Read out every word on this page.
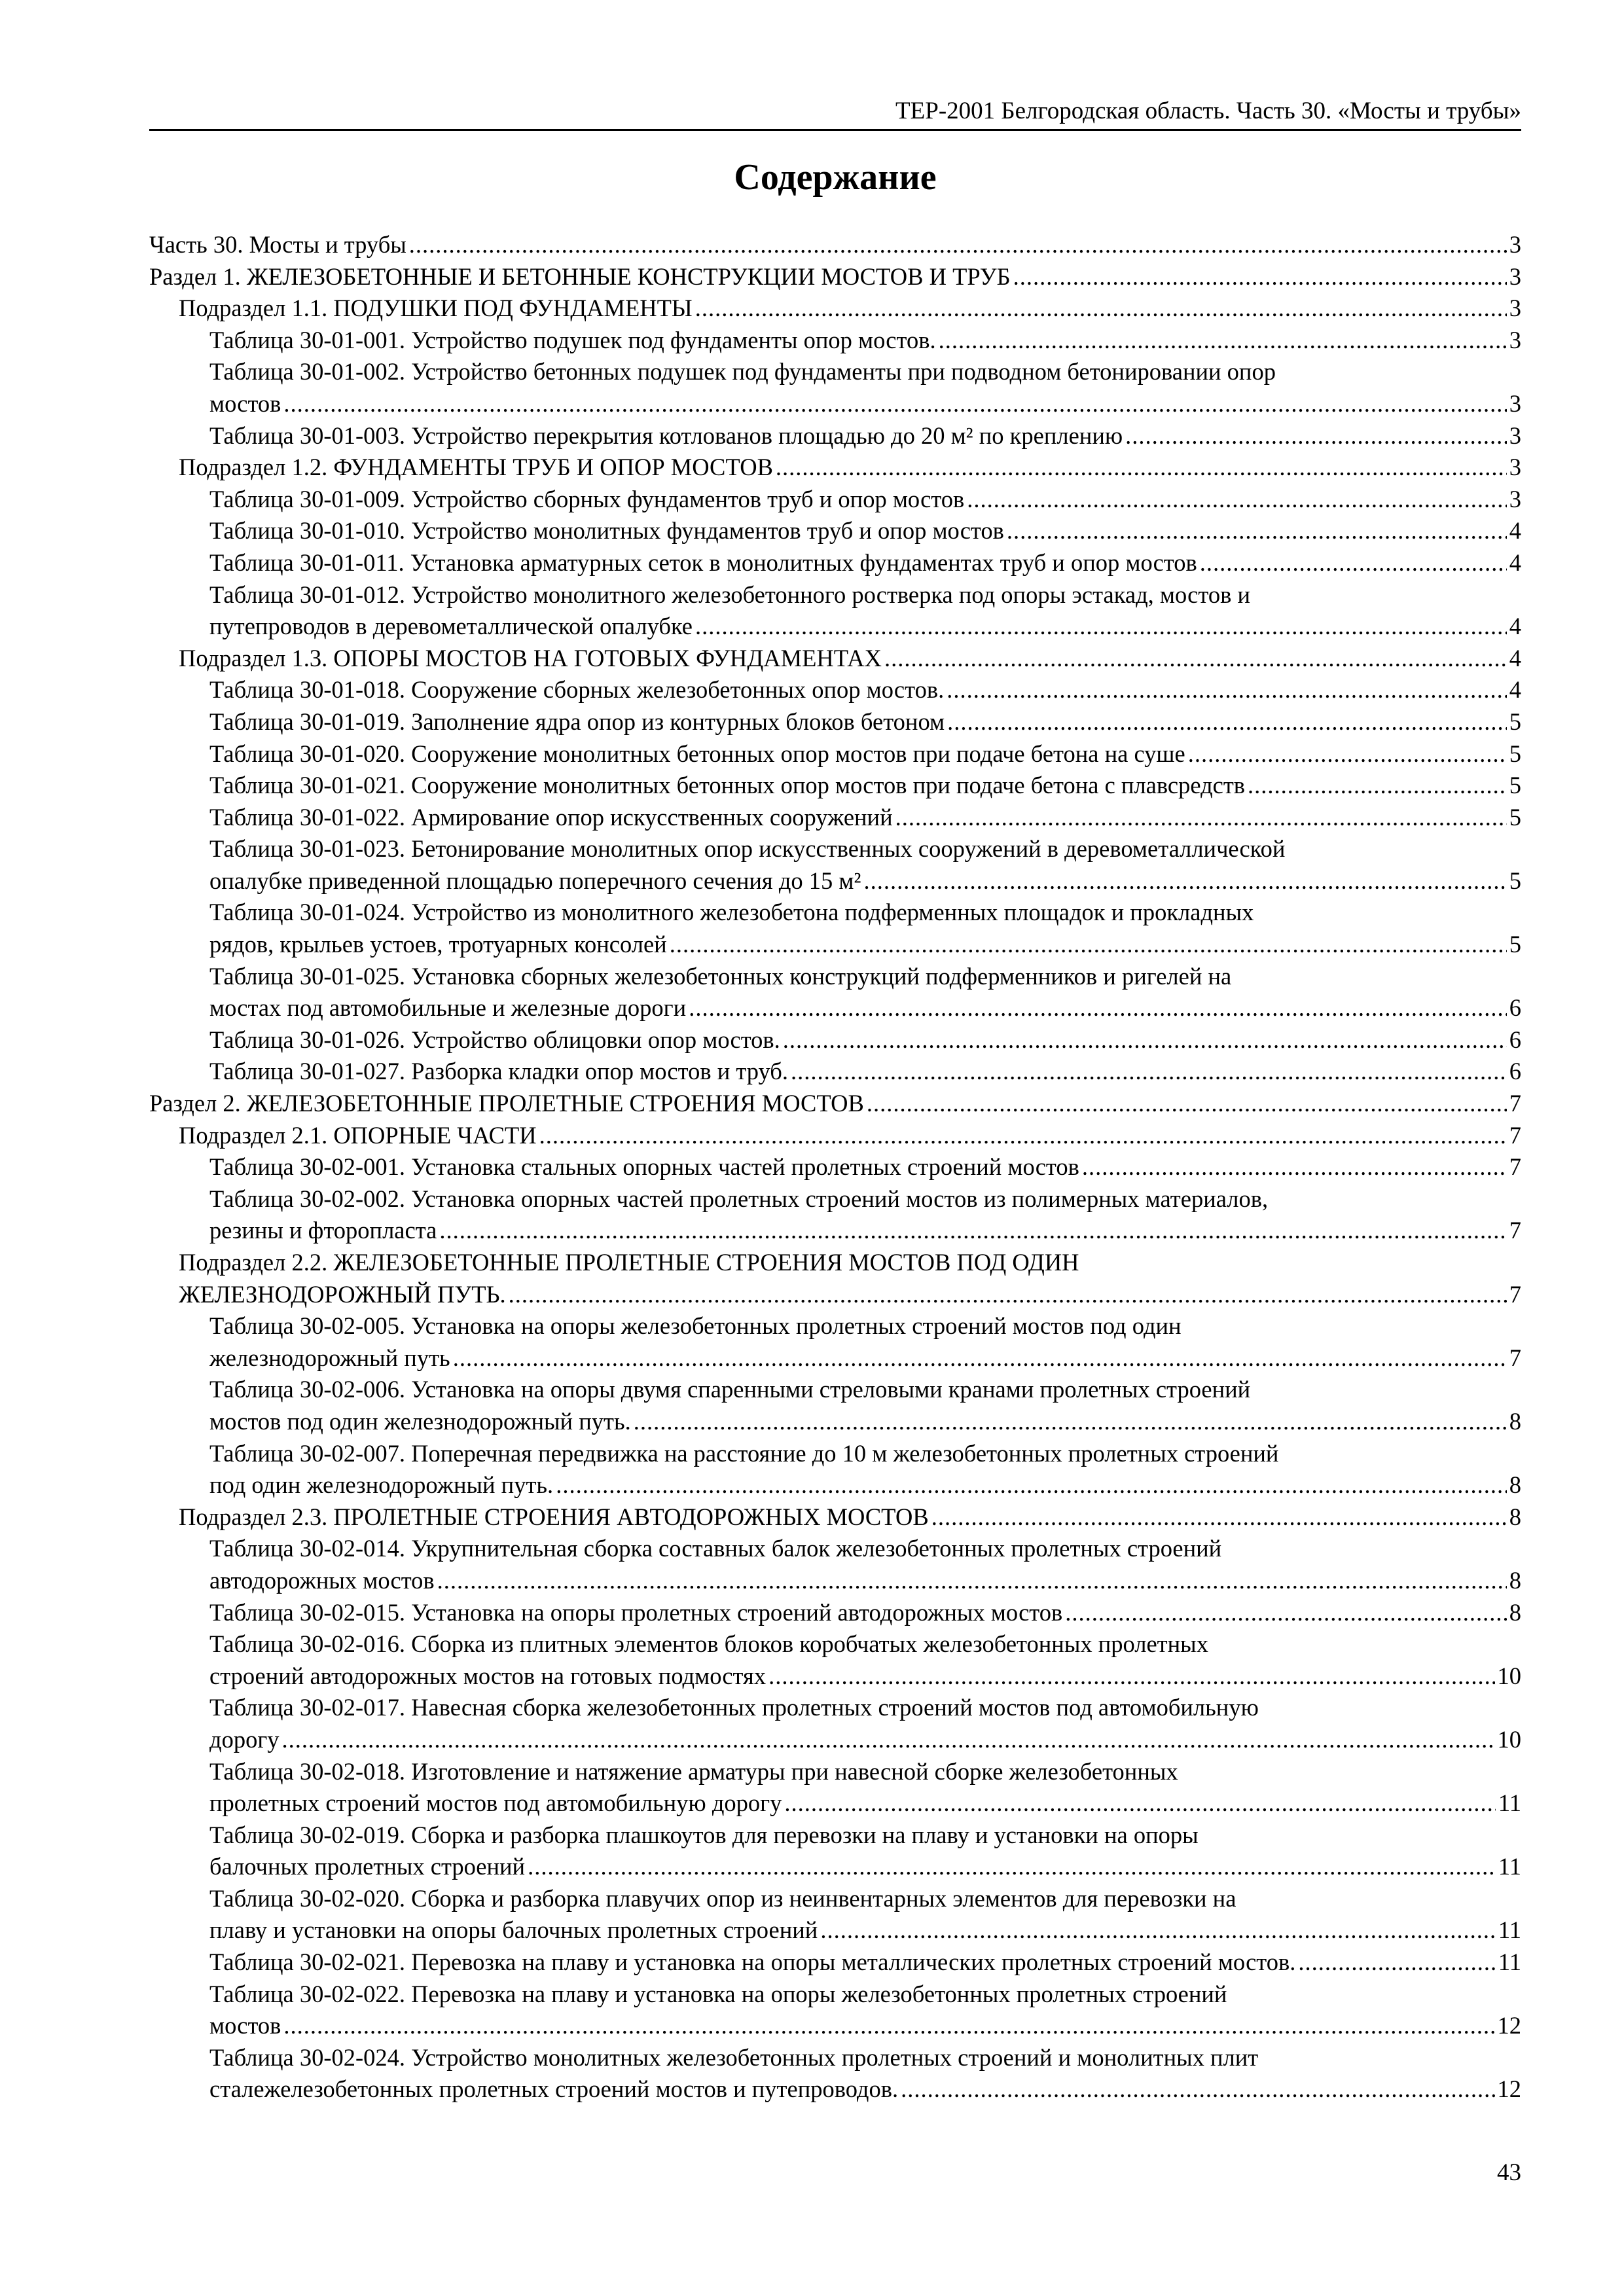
ТЕР-2001 Белгородская область. Часть 30. «Мосты и трубы»
Содержание
Часть 30. Мосты и трубы .....	3
Раздел 1. ЖЕЛЕЗОБЕТОННЫЕ И БЕТОННЫЕ КОНСТРУКЦИИ МОСТОВ И ТРУБ .....	3
Подраздел 1.1. ПОДУШКИ ПОД ФУНДАМЕНТЫ .....	3
Таблица 30-01-001. Устройство подушек под фундаменты опор мостов. .....	3
Таблица 30-01-002. Устройство бетонных подушек под фундаменты при подводном бетонировании опор
мостов .....	3
Таблица 30-01-003. Устройство перекрытия котлованов площадью до 20 м² по креплению .....	3
Подраздел 1.2. ФУНДАМЕНТЫ ТРУБ И ОПОР МОСТОВ .....	3
Таблица 30-01-009. Устройство сборных фундаментов труб и опор мостов .....	3
Таблица 30-01-010. Устройство монолитных фундаментов труб и опор мостов .....	4
Таблица 30-01-011. Установка арматурных сеток в монолитных фундаментах труб и опор мостов .....	4
Таблица 30-01-012. Устройство монолитного железобетонного ростверка под опоры эстакад, мостов и
путепроводов в деревометаллической опалубке .....	4
Подраздел 1.3. ОПОРЫ МОСТОВ НА ГОТОВЫХ ФУНДАМЕНТАХ .....	4
Таблица 30-01-018. Сооружение сборных железобетонных опор мостов. .....	4
Таблица 30-01-019. Заполнение ядра опор из контурных блоков бетоном .....	5
Таблица 30-01-020. Сооружение монолитных бетонных опор мостов при подаче бетона на суше .....	5
Таблица 30-01-021. Сооружение монолитных бетонных опор мостов при подаче бетона с плавсредств .....	5
Таблица 30-01-022. Армирование опор искусственных сооружений .....	5
Таблица 30-01-023. Бетонирование монолитных опор искусственных сооружений в деревометаллической
опалубке приведенной площадью поперечного сечения до 15 м² .....	5
Таблица 30-01-024. Устройство из монолитного железобетона подферменных площадок и прокладных
рядов, крыльев устоев, тротуарных консолей .....	5
Таблица 30-01-025. Установка сборных железобетонных конструкций подферменников и ригелей на
мостах под автомобильные и железные дороги .....	6
Таблица 30-01-026. Устройство облицовки опор мостов. .....	6
Таблица 30-01-027. Разборка кладки опор мостов и труб. .....	6
Раздел 2. ЖЕЛЕЗОБЕТОННЫЕ ПРОЛЕТНЫЕ СТРОЕНИЯ МОСТОВ .....	7
Подраздел 2.1. ОПОРНЫЕ ЧАСТИ .....	7
Таблица 30-02-001. Установка стальных опорных частей пролетных строений мостов .....	7
Таблица 30-02-002. Установка опорных частей пролетных строений мостов из полимерных материалов,
резины и фторопласта .....	7
Подраздел 2.2. ЖЕЛЕЗОБЕТОННЫЕ ПРОЛЕТНЫЕ СТРОЕНИЯ МОСТОВ ПОД ОДИН
ЖЕЛЕЗНОДОРОЖНЫЙ ПУТЬ. .....	7
Таблица 30-02-005. Установка на опоры железобетонных пролетных строений мостов под один
железнодорожный путь .....	7
Таблица 30-02-006. Установка на опоры двумя спаренными стреловыми кранами пролетных строений
мостов под один железнодорожный путь. .....	8
Таблица 30-02-007. Поперечная передвижка на расстояние до 10 м железобетонных пролетных строений
под один железнодорожный путь. .....	8
Подраздел 2.3. ПРОЛЕТНЫЕ СТРОЕНИЯ АВТОДОРОЖНЫХ МОСТОВ .....	8
Таблица 30-02-014. Укрупнительная сборка составных балок железобетонных пролетных строений
автодорожных мостов .....	8
Таблица 30-02-015. Установка на опоры пролетных строений автодорожных мостов .....	8
Таблица 30-02-016. Сборка из плитных элементов блоков коробчатых железобетонных пролетных
строений автодорожных мостов на готовых подмостях .....	10
Таблица 30-02-017. Навесная сборка железобетонных пролетных строений мостов под автомобильную
дорогу .....	10
Таблица 30-02-018. Изготовление и натяжение арматуры при навесной сборке железобетонных
пролетных строений мостов под автомобильную дорогу .....	11
Таблица 30-02-019. Сборка и разборка плашкоутов для перевозки на плаву и установки на опоры
балочных пролетных строений .....	11
Таблица 30-02-020. Сборка и разборка плавучих опор из неинвентарных элементов для перевозки на
плаву и установки на опоры балочных пролетных строений .....	11
Таблица 30-02-021. Перевозка на плаву и установка на опоры металлических пролетных строений мостов. .....	11
Таблица 30-02-022. Перевозка на плаву и установка на опоры железобетонных пролетных строений
мостов .....	12
Таблица 30-02-024. Устройство монолитных железобетонных пролетных строений и монолитных плит
сталежелезобетонных пролетных строений мостов и путепроводов. .....	12
43
